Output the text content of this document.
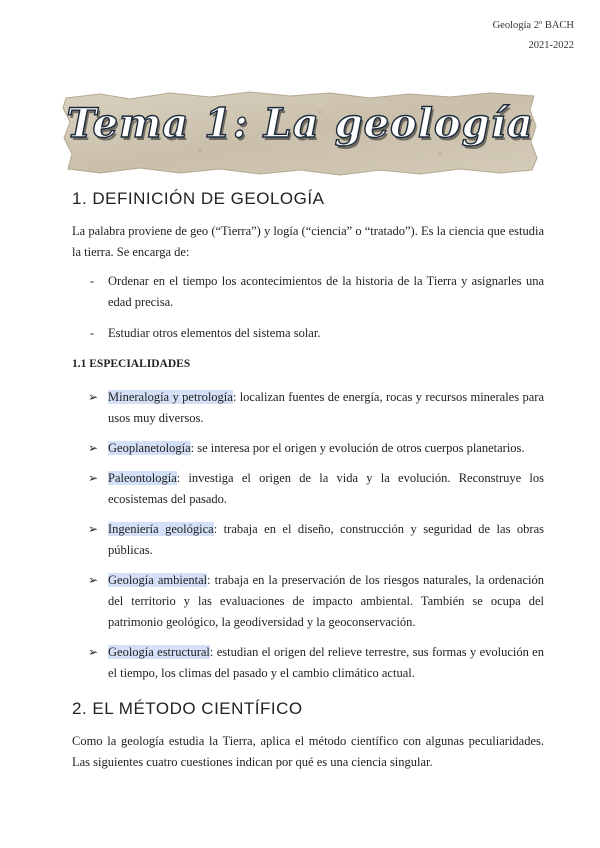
Geología 2º BACH
2021-2022
Tema 1: La geología
1. DEFINICIÓN DE GEOLOGÍA

La palabra proviene de geo (“Tierra”) y logía (“ciencia” o “tratado”). Es la ciencia que estudia la tierra. Se encarga de:

- Ordenar en el tiempo los acontecimientos de la historia de la Tierra y asignarles una edad precisa.
- Estudiar otros elementos del sistema solar.
1.1 ESPECIALIDADES
➢ Mineralogía y petrología: localizan fuentes de energía, rocas y recursos minerales para usos muy diversos.
➢ Geoplanetología: se interesa por el origen y evolución de otros cuerpos planetarios.
➢ Paleontología: investiga el origen de la vida y la evolución. Reconstruye los ecosistemas del pasado.
➢ Ingeniería geológica: trabaja en el diseño, construcción y seguridad de las obras públicas.
➢ Geología ambiental: trabaja en la preservación de los riesgos naturales, la ordenación del territorio y las evaluaciones de impacto ambiental. También se ocupa del patrimonio geológico, la geodiversidad y la geoconservación.
➢ Geología estructural: estudian el origen del relieve terrestre, sus formas y evolución en el tiempo, los climas del pasado y el cambio climático actual.
2. EL MÉTODO CIENTÍFICO

Como la geología estudia la Tierra, aplica el método científico con algunas peculiaridades. Las siguientes cuatro cuestiones indican por qué es una ciencia singular.
